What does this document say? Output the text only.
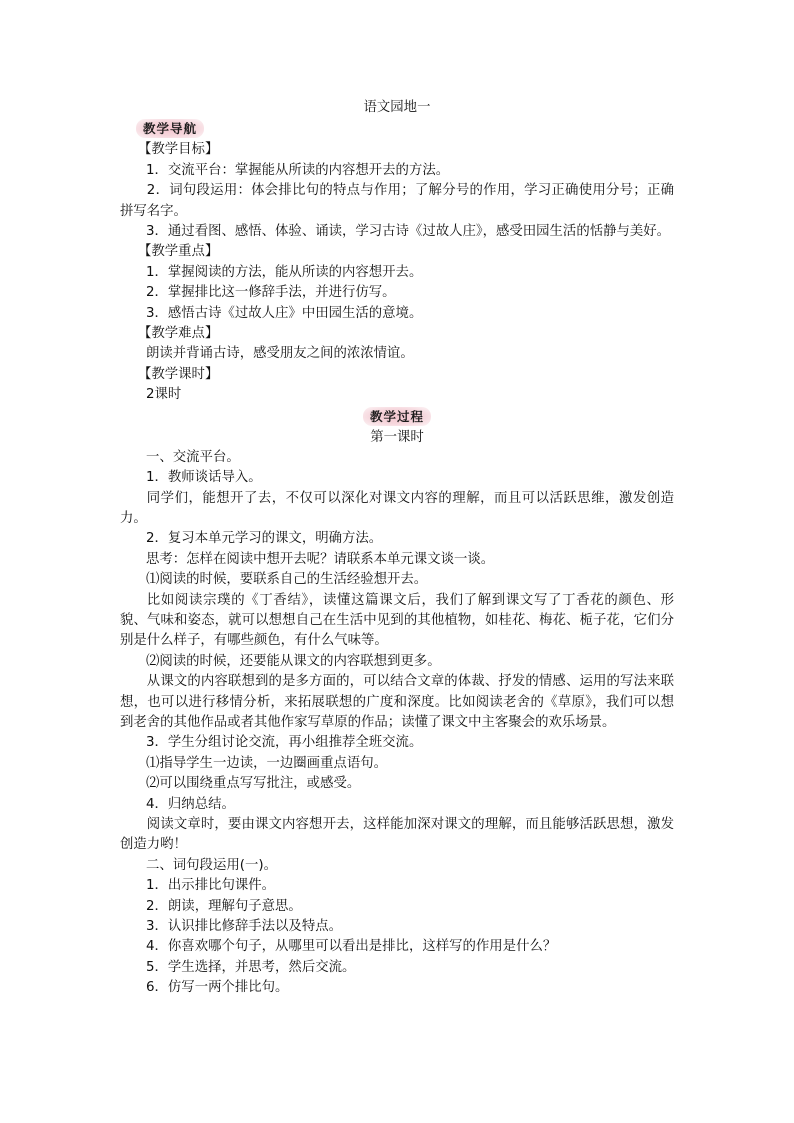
语文园地一
教学导航
【教学目标】
1．交流平台：掌握能从所读的内容想开去的方法。
2．词句段运用：体会排比句的特点与作用；了解分号的作用，学习正确使用分号；正确拼写名字。
3．通过看图、感悟、体验、诵读，学习古诗《过故人庄》，感受田园生活的恬静与美好。
【教学重点】
1．掌握阅读的方法，能从所读的内容想开去。
2．掌握排比这一修辞手法，并进行仿写。
3．感悟古诗《过故人庄》中田园生活的意境。
【教学难点】
朗读并背诵古诗，感受朋友之间的浓浓情谊。
【教学课时】
2课时
教学过程
第一课时
一、交流平台。
1．教师谈话导入。
同学们，能想开了去，不仅可以深化对课文内容的理解，而且可以活跃思维，激发创造力。
2．复习本单元学习的课文，明确方法。
思考：怎样在阅读中想开去呢？请联系本单元课文谈一谈。
⑴阅读的时候，要联系自己的生活经验想开去。
比如阅读宗璞的《丁香结》，读懂这篇课文后，我们了解到课文写了丁香花的颜色、形貌、气味和姿态，就可以想想自己在生活中见到的其他植物，如桂花、梅花、栀子花，它们分别是什么样子，有哪些颜色，有什么气味等。
⑵阅读的时候，还要能从课文的内容联想到更多。
从课文的内容联想到的是多方面的，可以结合文章的体裁、抒发的情感、运用的写法来联想，也可以进行移情分析，来拓展联想的广度和深度。比如阅读老舍的《草原》，我们可以想到老舍的其他作品或者其他作家写草原的作品；读懂了课文中主客聚会的欢乐场景。
3．学生分组讨论交流，再小组推荐全班交流。
⑴指导学生一边读，一边圈画重点语句。
⑵可以围绕重点写写批注，或感受。
4．归纳总结。
阅读文章时，要由课文内容想开去，这样能加深对课文的理解，而且能够活跃思想，激发创造力哟！
二、词句段运用(一)。
1．出示排比句课件。
2．朗读，理解句子意思。
3．认识排比修辞手法以及特点。
4．你喜欢哪个句子，从哪里可以看出是排比，这样写的作用是什么？
5．学生选择，并思考，然后交流。
6．仿写一两个排比句。
